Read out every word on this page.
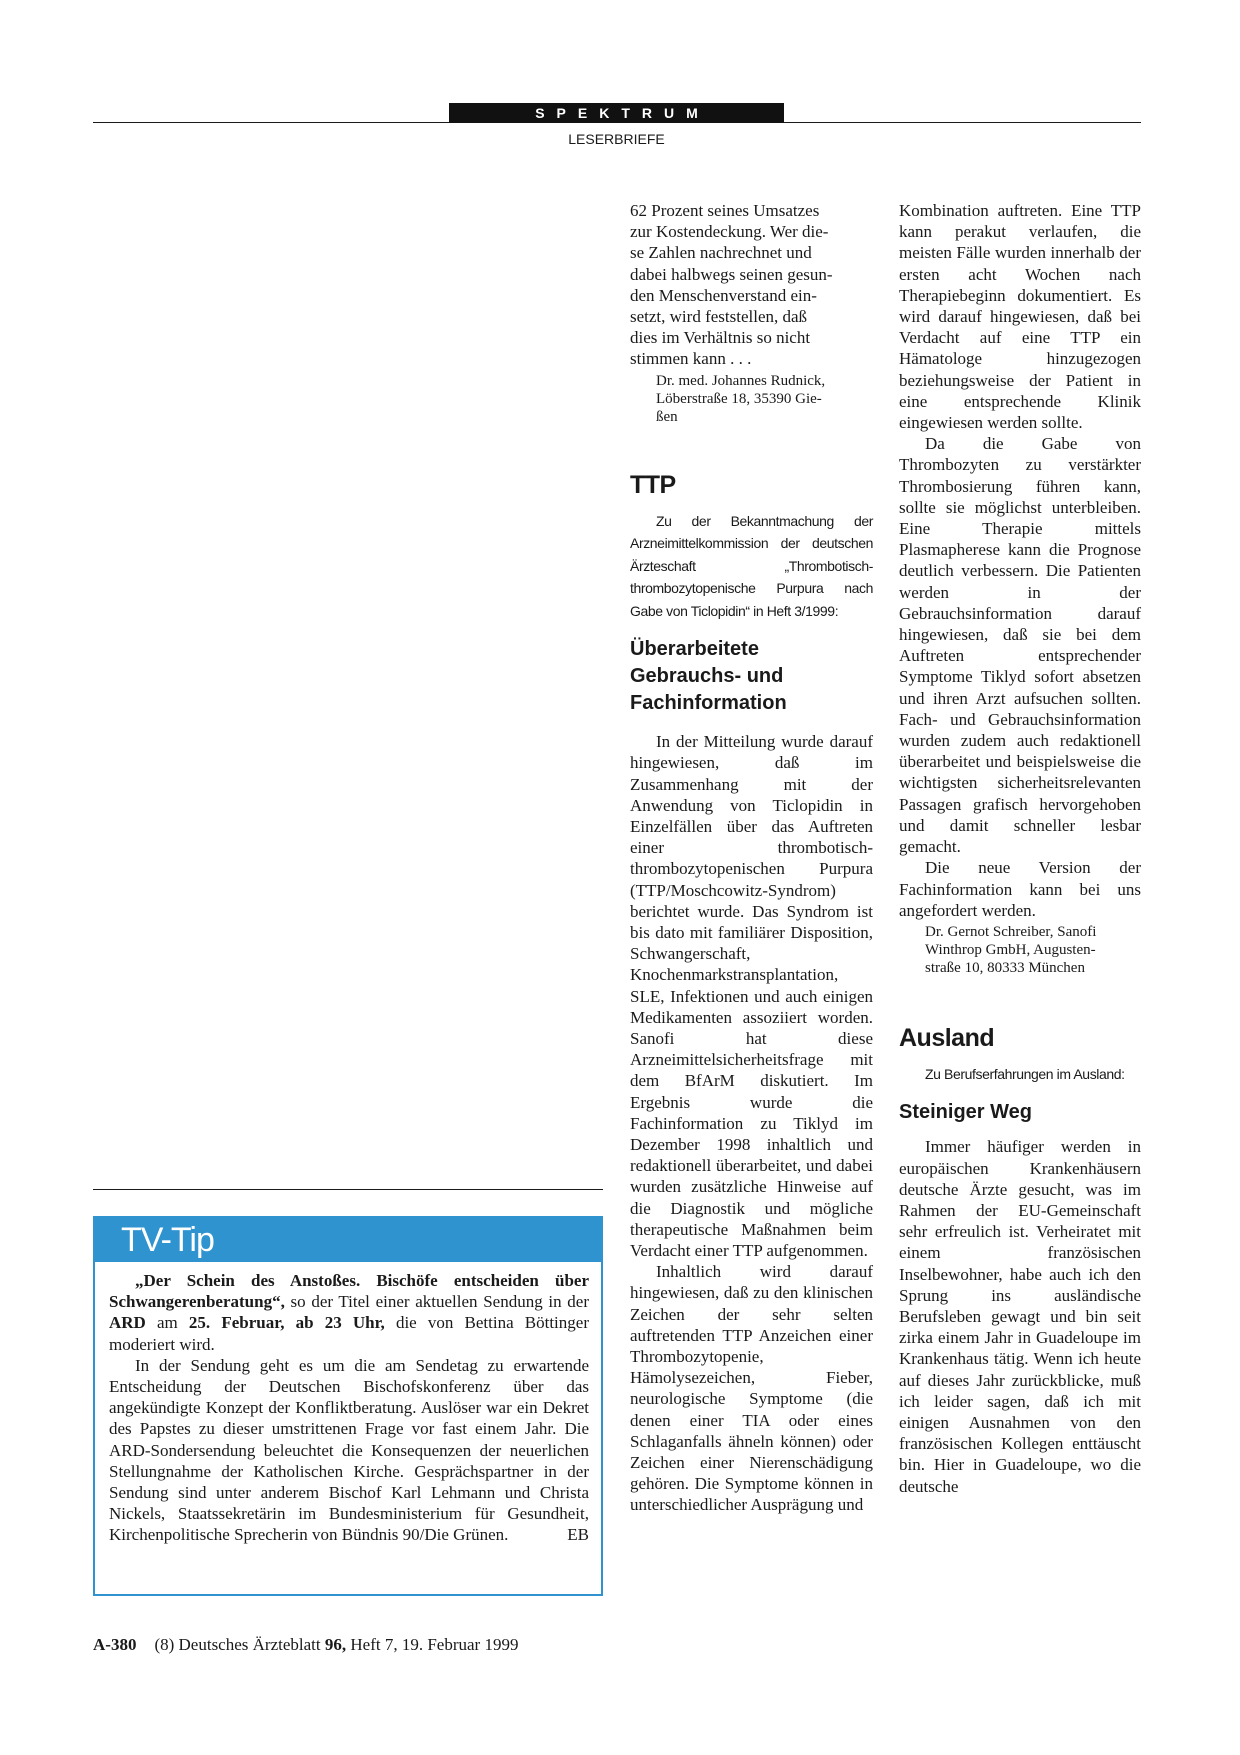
SPEKTRUM
LESERBRIEFE
62 Prozent seines Umsatzes
zur Kostendeckung. Wer die-
se Zahlen nachrechnet und
dabei halbwegs seinen gesun-
den Menschenverstand ein-
setzt, wird feststellen, daß
dies im Verhältnis so nicht
stimmen kann . . .
Dr. med. Johannes Rudnick,
Löberstraße 18, 35390 Gie-
ßen
TTP

Zu der Bekanntmachung der Arzneimittelkommission der deutschen Ärzteschaft „Thrombotisch-thrombozytopenische Purpura nach Gabe von Ticlopidin“ in Heft 3/1999:

Überarbeitete
Gebrauchs- und
Fachinformation

In der Mitteilung wurde darauf hingewiesen, daß im Zusammenhang mit der Anwendung von Ticlopidin in Einzelfällen über das Auftreten einer thrombotisch-thrombozytopenischen Purpura (TTP/Moschcowitz-Syndrom) berichtet wurde. Das Syndrom ist bis dato mit familiärer Disposition, Schwangerschaft, Knochenmarkstransplantation, SLE, Infektionen und auch einigen Medikamenten assoziiert worden. Sanofi hat diese Arzneimittelsicherheitsfrage mit dem BfArM diskutiert. Im Ergebnis wurde die Fachinformation zu Tiklyd im Dezember 1998 inhaltlich und redaktionell überarbeitet, und dabei wurden zusätzliche Hinweise auf die Diagnostik und mögliche therapeutische Maßnahmen beim Verdacht einer TTP aufgenommen.

Inhaltlich wird darauf hingewiesen, daß zu den klinischen Zeichen der sehr selten auftretenden TTP Anzeichen einer Thrombozytopenie, Hämolysezeichen, Fieber, neurologische Symptome (die denen einer TIA oder eines Schlaganfalls ähneln können) oder Zeichen einer Nierenschädigung gehören. Die Symptome können in unterschiedlicher Ausprägung und

Kombination auftreten. Eine TTP kann perakut verlaufen, die meisten Fälle wurden innerhalb der ersten acht Wochen nach Therapiebeginn dokumentiert. Es wird darauf hingewiesen, daß bei Verdacht auf eine TTP ein Hämatologe hinzugezogen beziehungsweise der Patient in eine entsprechende Klinik eingewiesen werden sollte.

Da die Gabe von Thrombozyten zu verstärkter Thrombosierung führen kann, sollte sie möglichst unterbleiben. Eine Therapie mittels Plasmapherese kann die Prognose deutlich verbessern. Die Patienten werden in der Gebrauchsinformation darauf hingewiesen, daß sie bei dem Auftreten entsprechender Symptome Tiklyd sofort absetzen und ihren Arzt aufsuchen sollten. Fach- und Gebrauchsinformation wurden zudem auch redaktionell überarbeitet und beispielsweise die wichtigsten sicherheitsrelevanten Passagen grafisch hervorgehoben und damit schneller lesbar gemacht.

Die neue Version der Fachinformation kann bei uns angefordert werden.

Dr. Gernot Schreiber, Sanofi
Winthrop GmbH, Augusten-
straße 10, 80333 München
Ausland

Zu Berufserfahrungen im Ausland:

Steiniger Weg

Immer häufiger werden in europäischen Krankenhäusern deutsche Ärzte gesucht, was im Rahmen der EU-Gemeinschaft sehr erfreulich ist. Verheiratet mit einem französischen Inselbewohner, habe auch ich den Sprung ins ausländische Berufsleben gewagt und bin seit zirka einem Jahr in Guadeloupe im Krankenhaus tätig. Wenn ich heute auf dieses Jahr zurückblicke, muß ich leider sagen, daß ich mit einigen Ausnahmen von den französischen Kollegen enttäuscht bin. Hier in Guadeloupe, wo die deutsche

TV-Tip

„Der Schein des Anstoßes. Bischöfe entscheiden über Schwangerenberatung“, so der Titel einer aktuellen Sendung in der ARD am 25. Februar, ab 23 Uhr, die von Bettina Böttinger moderiert wird.

In der Sendung geht es um die am Sendetag zu erwartende Entscheidung der Deutschen Bischofskonferenz über das angekündigte Konzept der Konfliktberatung. Auslöser war ein Dekret des Papstes zu dieser umstrittenen Frage vor fast einem Jahr. Die ARD-Sondersendung beleuchtet die Konsequenzen der neuerlichen Stellungnahme der Katholischen Kirche. Gesprächspartner in der Sendung sind unter anderem Bischof Karl Lehmann und Christa Nickels, Staatssekretärin im Bundesministerium für Gesundheit, Kirchenpolitische Sprecherin von Bündnis 90/Die Grünen.	EB

A-380 (8) Deutsches Ärzteblatt 96, Heft 7, 19. Februar 1999
